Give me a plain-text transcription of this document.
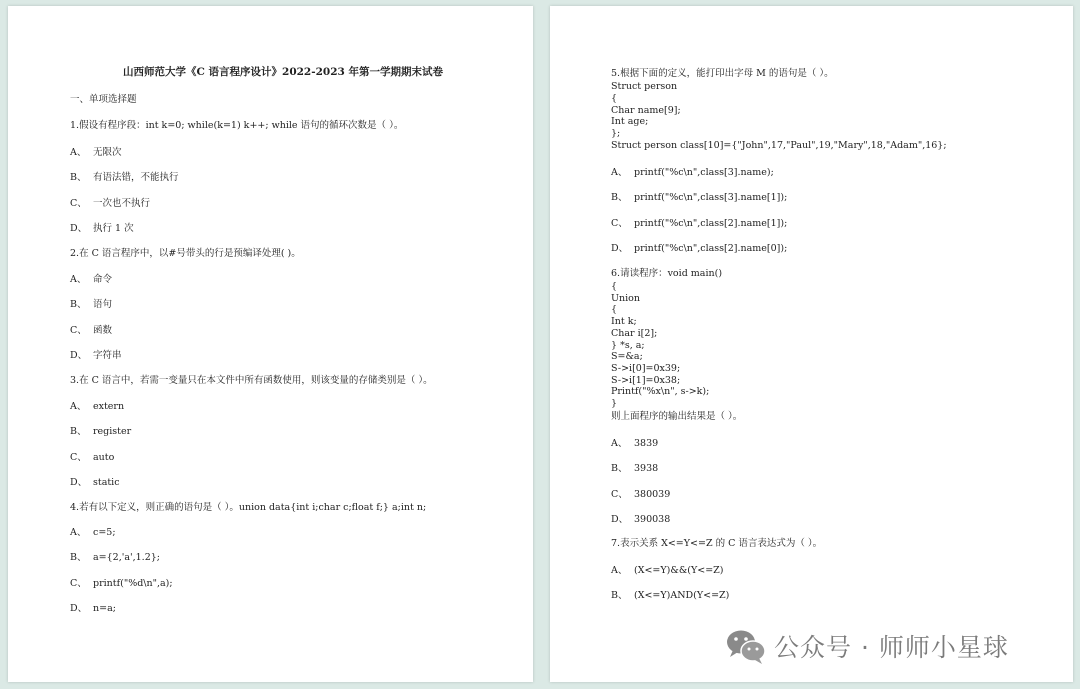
山西师范大学《C 语言程序设计》2022-2023 年第一学期期末试卷
一、单项选择题
1.假设有程序段：int k=0; while(k=1) k++; while 语句的循环次数是（ ）。
A、 无限次
B、 有语法错，不能执行
C、 一次也不执行
D、 执行 1 次
2.在 C 语言程序中，以#号带头的行是预编译处理( )。
A、 命令
B、 语句
C、 函数
D、 字符串
3.在 C 语言中，若需一变量只在本文件中所有函数使用，则该变量的存储类别是（ ）。
A、 extern
B、 register
C、 auto
D、 static
4.若有以下定义，则正确的语句是（ ）。union data{int i;char c;float f;} a;int n;
A、 c=5;
B、 a={2,'a',1.2};
C、 printf("%d\n",a);
D、 n=a;
5.根据下面的定义，能打印出字母 M 的语句是（ ）。
Struct person
{
Char name[9];
Int age;
};
Struct person class[10]={"John",17,"Paul",19,"Mary",18,"Adam",16};
A、 printf("%c\n",class[3].name);
B、 printf("%c\n",class[3].name[1]);
C、 printf("%c\n",class[2].name[1]);
D、 printf("%c\n",class[2].name[0]);
6.请读程序：void main()
{
Union
{
Int k;
Char i[2];
} *s, a;
S=&a;
S->i[0]=0x39;
S->i[1]=0x38;
Printf("%x\n", s->k);
}
则上面程序的输出结果是（ ）。
A、 3839
B、 3938
C、 380039
D、 390038
7.表示关系 X<=Y<=Z 的 C 语言表达式为（ ）。
A、 (X<=Y)&&(Y<=Z)
B、 (X<=Y)AND(Y<=Z)
公众号 · 师师小星球
